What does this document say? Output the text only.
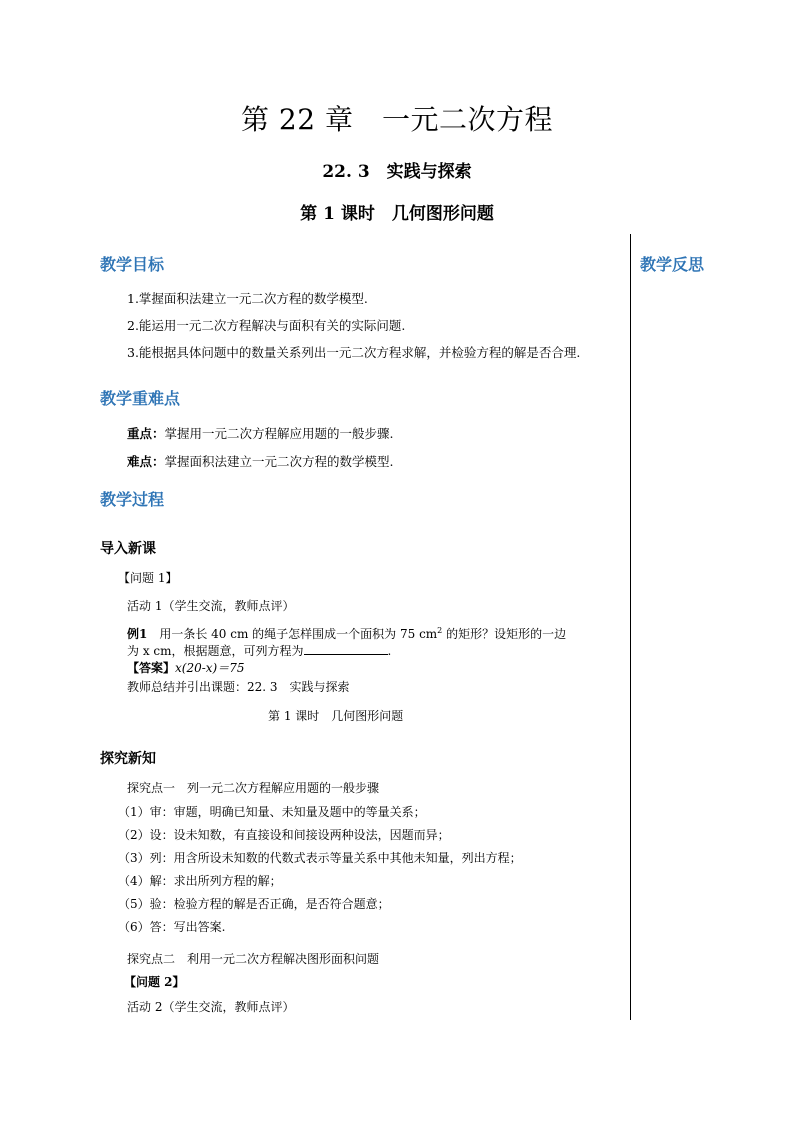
第 22 章　一元二次方程
22. 3　实践与探索
第 1 课时　几何图形问题
教学反思
教学目标
1.掌握面积法建立一元二次方程的数学模型.
2.能运用一元二次方程解决与面积有关的实际问题.
3.能根据具体问题中的数量关系列出一元二次方程求解，并检验方程的解是否合理.
教学重难点
重点：掌握用一元二次方程解应用题的一般步骤.
难点：掌握面积法建立一元二次方程的数学模型.
教学过程
导入新课
【问题 1】
活动 1（学生交流，教师点评）
例1　用一条长 40 cm 的绳子怎样围成一个面积为 75 $cm^2$ 的矩形？设矩形的一边
为 x cm，根据题意，可列方程为	.
【答案】x(20-x)＝75
教师总结并引出课题：22. 3　实践与探索
第 1 课时　几何图形问题
探究新知
探究点一　列一元二次方程解应用题的一般步骤
（1）审：审题，明确已知量、未知量及题中的等量关系；
（2）设：设未知数，有直接设和间接设两种设法，因题而异；
（3）列：用含所设未知数的代数式表示等量关系中其他未知量，列出方程；
（4）解：求出所列方程的解；
（5）验：检验方程的解是否正确，是否符合题意；
（6）答：写出答案.
探究点二　利用一元二次方程解决图形面积问题
【问题 2】
活动 2（学生交流，教师点评）
